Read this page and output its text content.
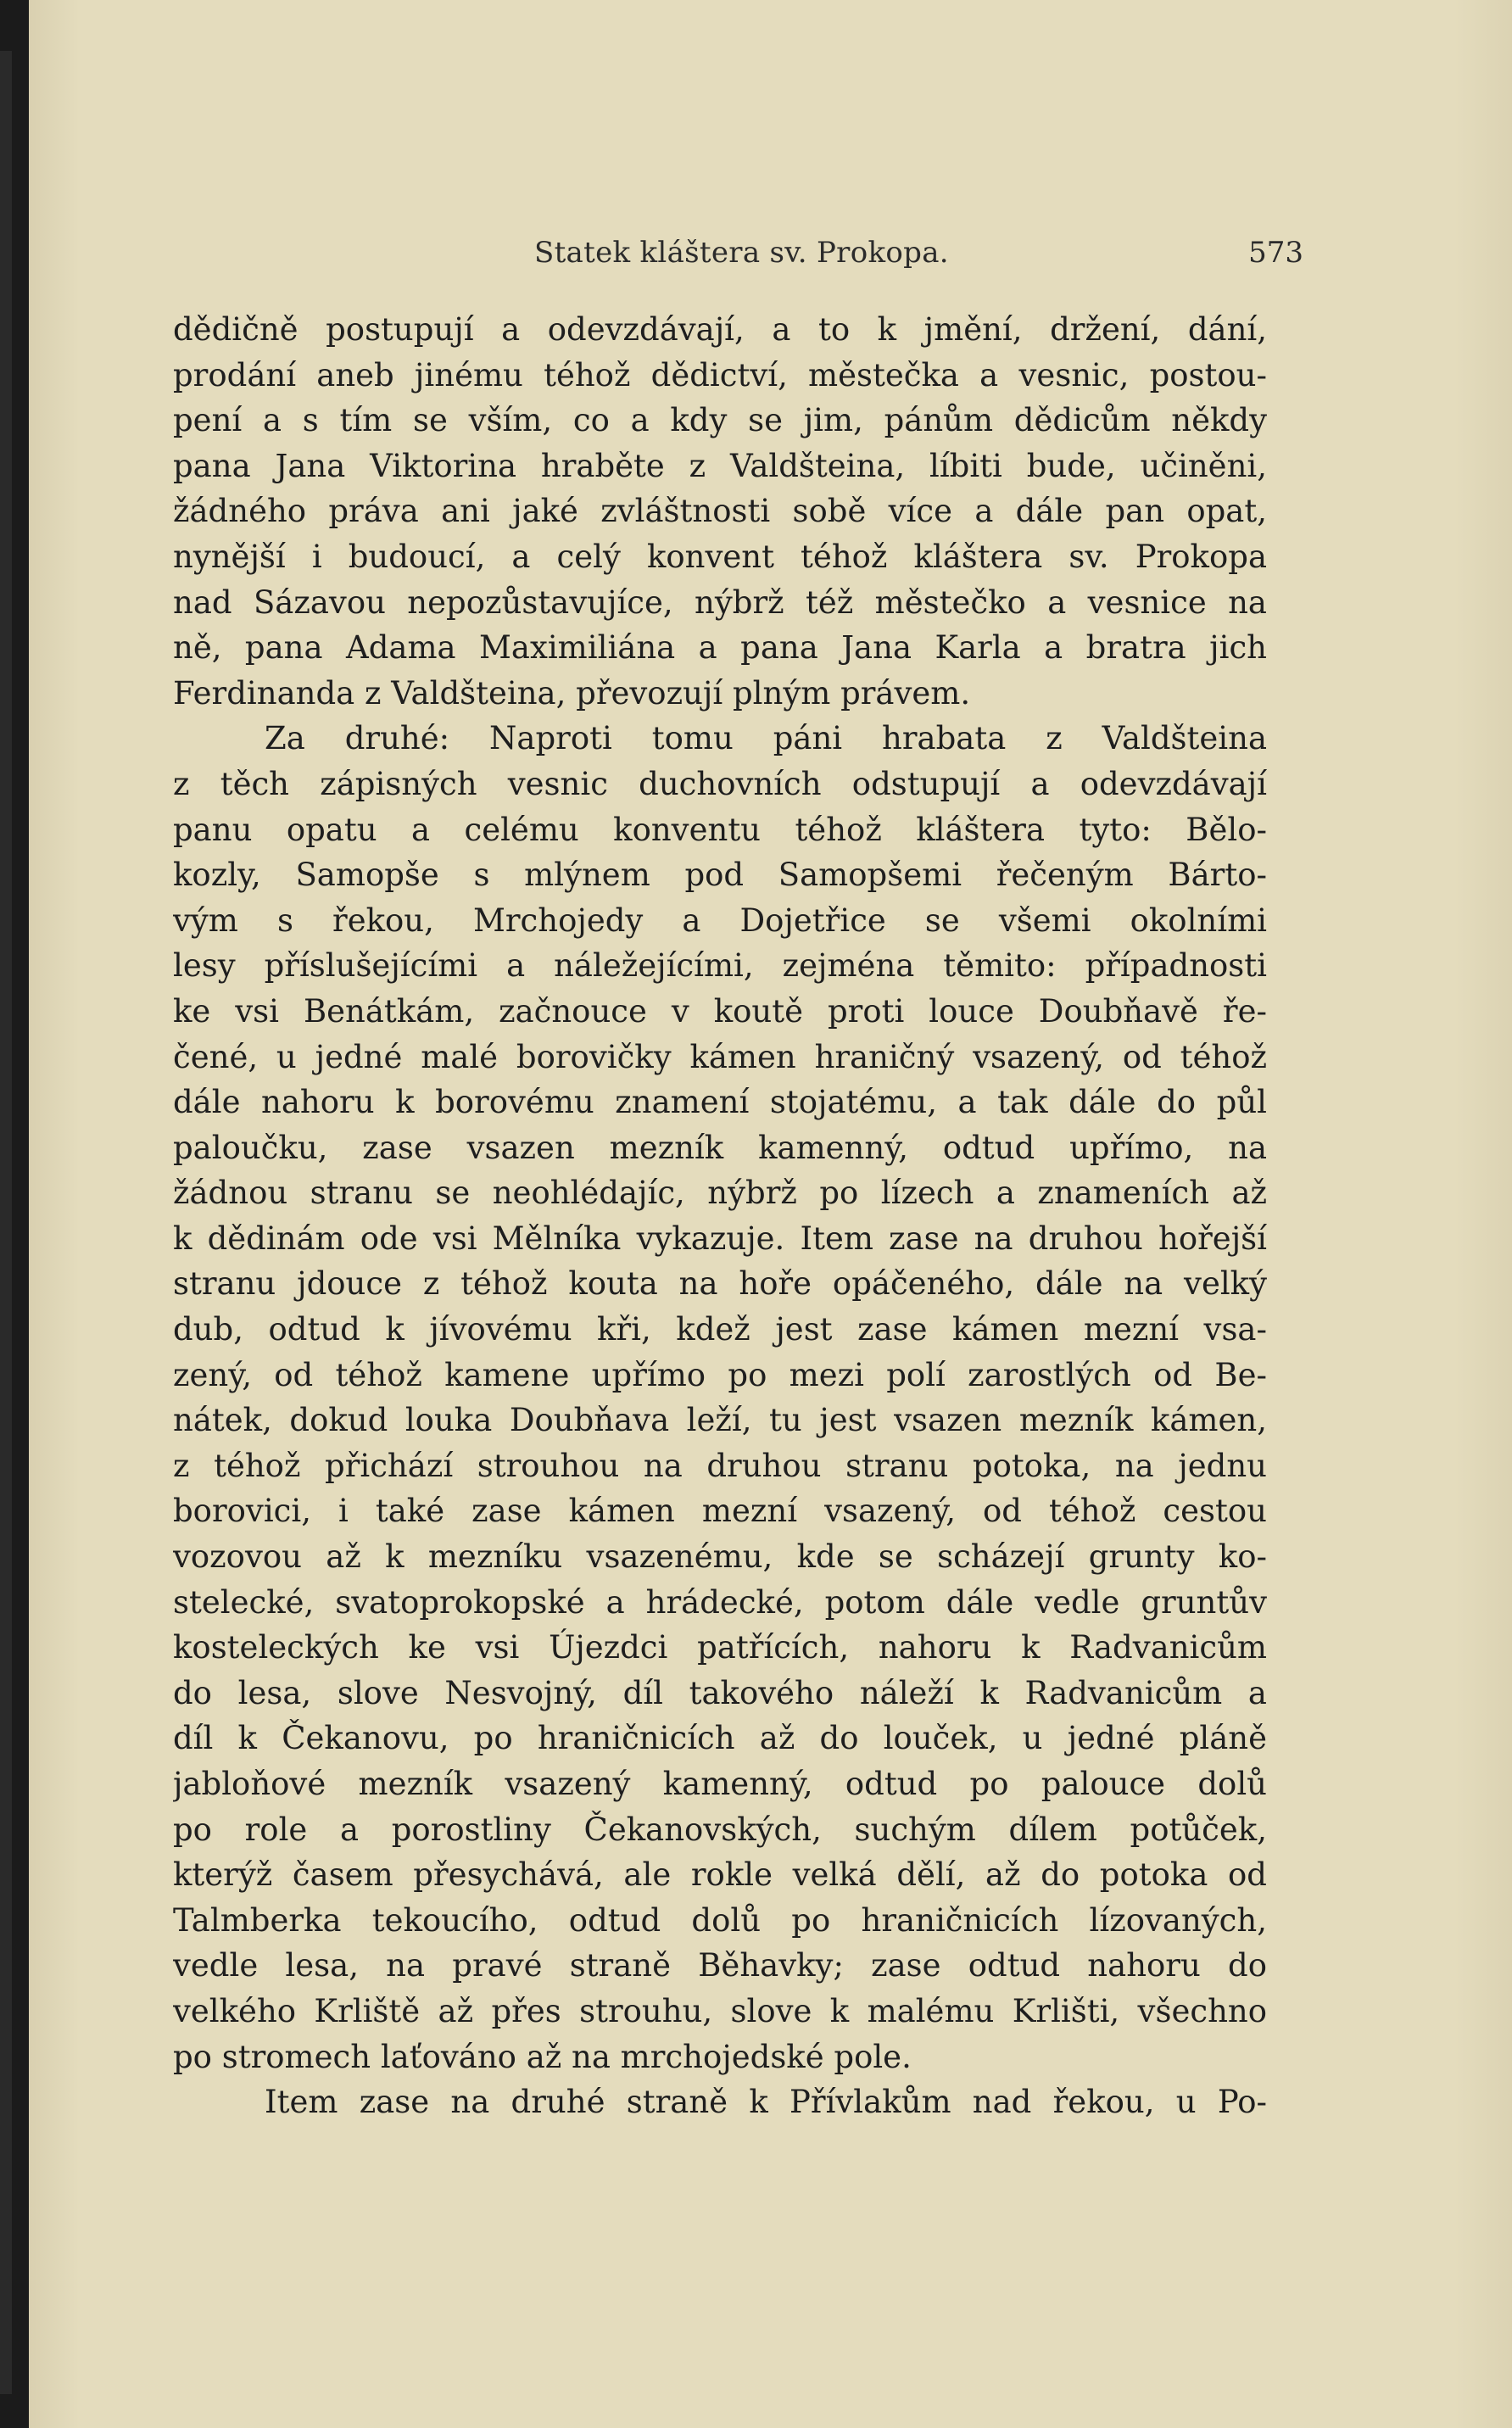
Statek kláštera sv. Prokopa.	573
dědičně postupují a odevzdávají, a to k jmění, držení, dání,
prodání aneb jinému téhož dědictví, městečka a vesnic, postou-
pení a s tím se vším, co a kdy se jim, pánům dědicům někdy
pana Jana Viktorina hraběte z Valdšteina, líbiti bude, učiněni,
žádného práva ani jaké zvláštnosti sobě více a dále pan opat,
nynější i budoucí, a celý konvent téhož kláštera sv. Prokopa
nad Sázavou nepozůstavujíce, nýbrž též městečko a vesnice na
ně, pana Adama Maximiliána a pana Jana Karla a bratra jich
Ferdinanda z Valdšteina, převozují plným právem.
Za druhé: Naproti tomu páni hrabata z Valdšteina
z těch zápisných vesnic duchovních odstupují a odevzdávají
panu opatu a celému konventu téhož kláštera tyto: Bělo-
kozly, Samopše s mlýnem pod Samopšemi řečeným Bárto-
vým s řekou, Mrchojedy a Dojetřice se všemi okolními
lesy příslušejícími a náležejícími, zejména těmito: případnosti
ke vsi Benátkám, začnouce v koutě proti louce Doubňavě ře-
čené, u jedné malé borovičky kámen hraničný vsazený, od téhož
dále nahoru k borovému znamení stojatému, a tak dále do půl
palоučku, zase vsazen mezník kamenný, odtud upřímo, na
žádnou stranu se neohlédajíc, nýbrž po lízech a znameních až
k dědinám ode vsi Mělníka vykazuje. Item zase na druhou hořejší
stranu jdouce z téhož kouta na hoře opáčeného, dále na velký
dub, odtud k jívovému kři, kdež jest zase kámen mezní vsa-
zený, od téhož kamene upřímo po mezi polí zarostlých od Be-
nátek, dokud louka Doubňava leží, tu jest vsazen mezník kámen,
z téhož přichází strouhou na druhou stranu potoka, na jednu
borovici, i také zase kámen mezní vsazený, od téhož cestou
vozovou až k mezníku vsazenému, kde se scházejí grunty ko-
stelecké, svatoprokopské a hrádecké, potom dále vedle gruntův
kosteleckých ke vsi Újezdci patřících, nahoru k Radvanicům
do lesa, slove Nesvojný, díl takového náleží k Radvanicům a
díl k Čekanovu, po hraničnicích až do louček, u jedné pláně
jabloňové mezník vsazený kamenný, odtud po palouce dolů
po role a porostliny Čekanovských, suchým dílem potůček,
kterýž časem přesychává, ale rokle velká dělí, až do potoka od
Talmberka tekoucího, odtud dolů po hraničnicích lízovaných,
vedle lesa, na pravé straně Běhavky; zase odtud nahoru do
velkého Krliště až přes strouhu, slove k malému Krlišti, všechno
po stromech laťováno až na mrchojedské pole.
Item zase na druhé straně k Přívlakům nad řekou, u Po-
